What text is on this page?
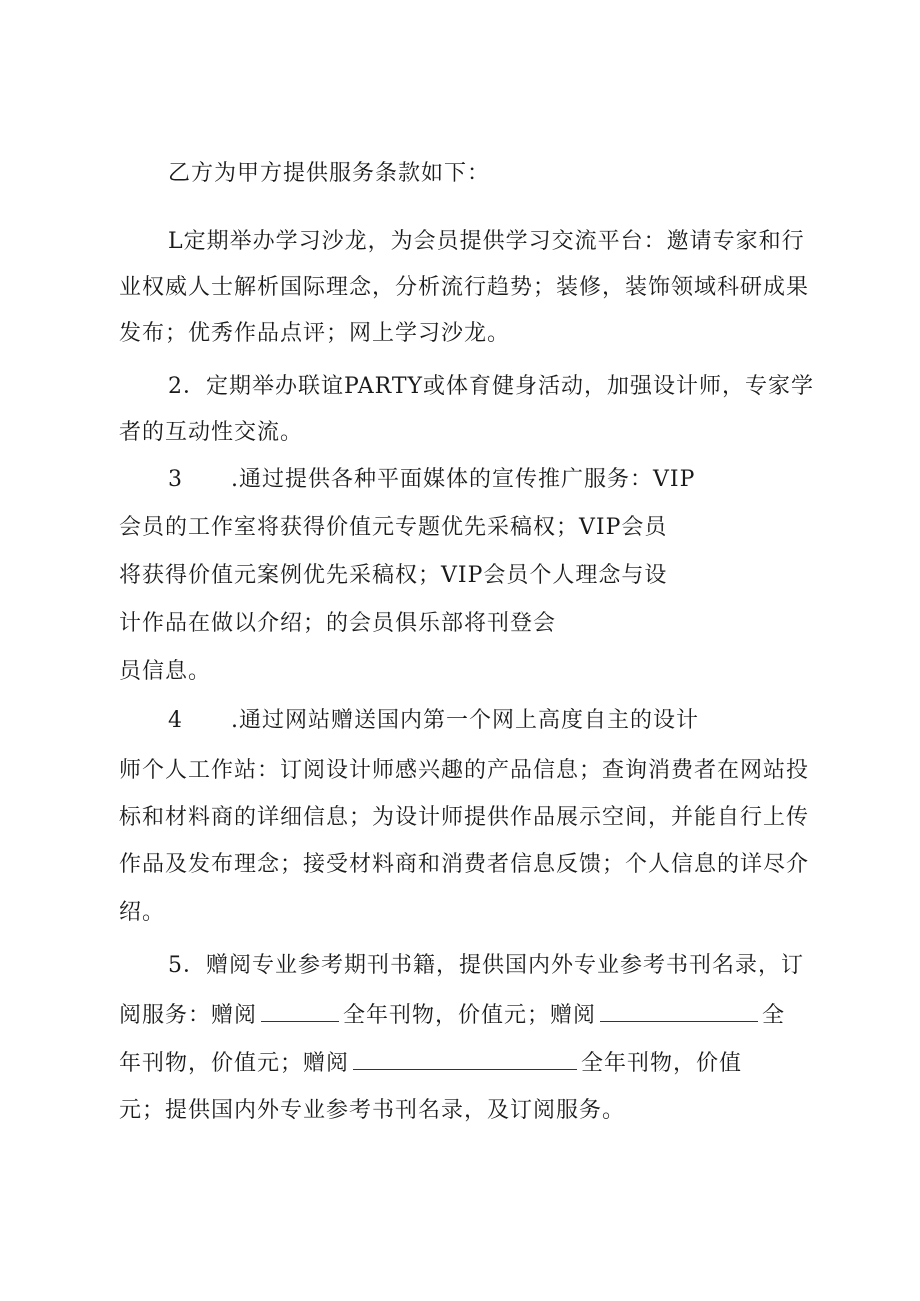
乙方为甲方提供服务条款如下：
L定期举办学习沙龙，为会员提供学习交流平台：邀请专家和行
业权威人士解析国际理念，分析流行趋势；装修，装饰领域科研成果
发布；优秀作品点评；网上学习沙龙。
2．定期举办联谊PARTY或体育健身活动，加强设计师，专家学
者的互动性交流。
3 .通过提供各种平面媒体的宣传推广服务：VIP
会员的工作室将获得价值元专题优先采稿权；VIP会员
将获得价值元案例优先采稿权；VIP会员个人理念与设
计作品在做以介绍；的会员俱乐部将刊登会
员信息。
4 .通过网站赠送国内第一个网上高度自主的设计
师个人工作站：订阅设计师感兴趣的产品信息；查询消费者在网站投
标和材料商的详细信息；为设计师提供作品展示空间，并能自行上传
作品及发布理念；接受材料商和消费者信息反馈；个人信息的详尽介
绍。
5．赠阅专业参考期刊书籍，提供国内外专业参考书刊名录，订
阅服务：赠阅	全年刊物，价值元；赠阅	全
年刊物，价值元；赠阅	全年刊物，价值
元；提供国内外专业参考书刊名录，及订阅服务。
